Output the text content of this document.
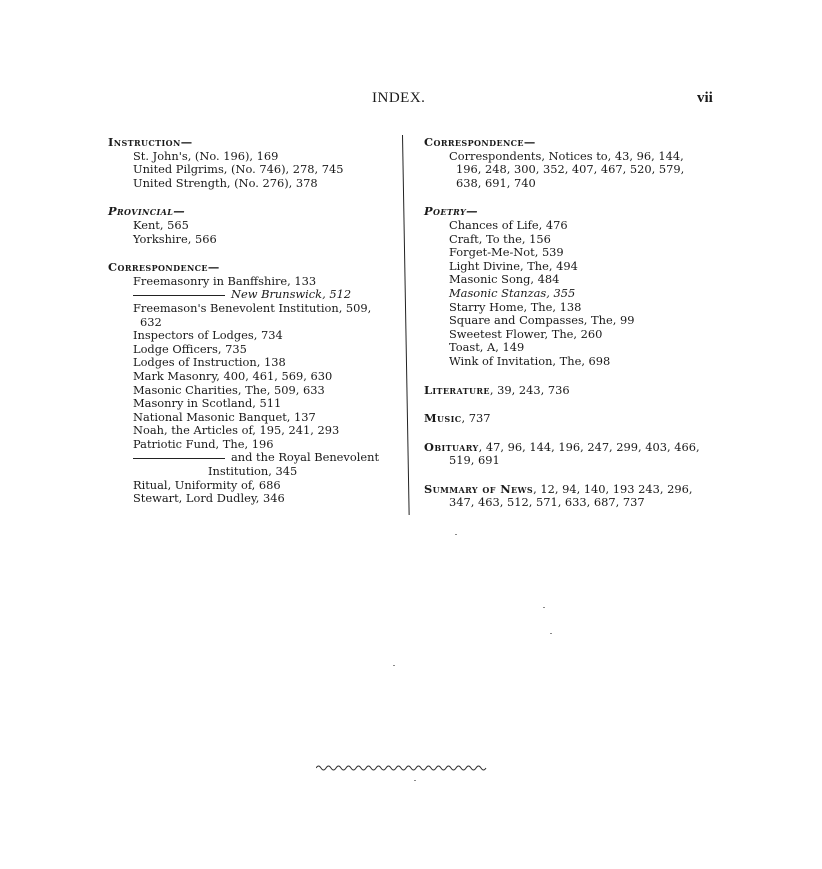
INDEX.	vii
Instruction—
St. John's, (No. 196), 169
United Pilgrims, (No. 746), 278, 745
United Strength, (No. 276), 378
Provincial—
Kent, 565
Yorkshire, 566
Correspondence—
Freemasonry in Banffshire, 133
New Brunswick, 512
Freemason's Benevolent Institution, 509,
632
Inspectors of Lodges, 734
Lodge Officers, 735
Lodges of Instruction, 138
Mark Masonry, 400, 461, 569, 630
Masonic Charities, The, 509, 633
Masonry in Scotland, 511
National Masonic Banquet, 137
Noah, the Articles of, 195, 241, 293
Patriotic Fund, The, 196
and the Royal Benevolent
Institution, 345
Ritual, Uniformity of, 686
Stewart, Lord Dudley, 346
Correspondence—
Correspondents, Notices to, 43, 96, 144,
196, 248, 300, 352, 407, 467, 520, 579,
638, 691, 740
Poetry—
Chances of Life, 476
Craft, To the, 156
Forget-Me-Not, 539
Light Divine, The, 494
Masonic Song, 484
Masonic Stanzas, 355
Starry Home, The, 138
Square and Compasses, The, 99
Sweetest Flower, The, 260
Toast, A, 149
Wink of Invitation, The, 698
Literature, 39, 243, 736
Music, 737
Obituary, 47, 96, 144, 196, 247, 299, 403, 466,
519, 691
Summary of News, 12, 94, 140, 193 243, 296,
347, 463, 512, 571, 633, 687, 737
